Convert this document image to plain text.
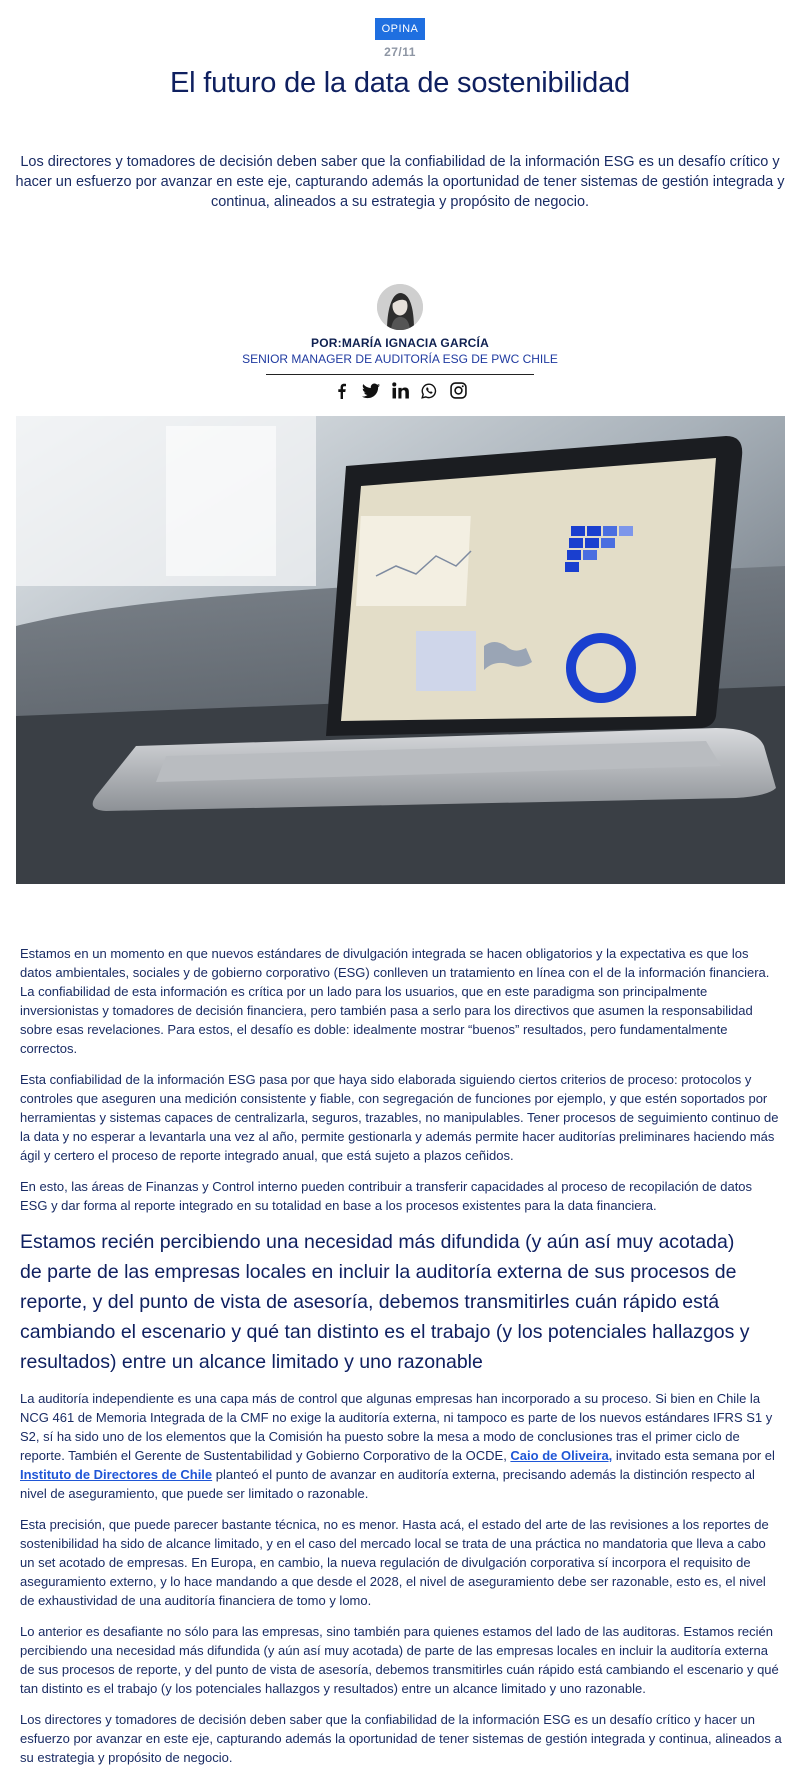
OPINA
27/11
El futuro de la data de sostenibilidad

Los directores y tomadores de decisión deben saber que la confiabilidad de la información ESG es un desafío crítico y hacer un esfuerzo por avanzar en este eje, capturando además la oportunidad de tener sistemas de gestión integrada y continua, alineados a su estrategia y propósito de negocio.

POR:MARÍA IGNACIA GARCÍA
SENIOR MANAGER DE AUDITORÍA ESG DE PWC CHILE

Estamos en un momento en que nuevos estándares de divulgación integrada se hacen obligatorios y la expectativa es que los datos ambientales, sociales y de gobierno corporativo (ESG) conlleven un tratamiento en línea con el de la información financiera. La confiabilidad de esta información es crítica por un lado para los usuarios, que en este paradigma son principalmente inversionistas y tomadores de decisión financiera, pero también pasa a serlo para los directivos que asumen la responsabilidad sobre esas revelaciones. Para estos, el desafío es doble: idealmente mostrar “buenos” resultados, pero fundamentalmente correctos.

Esta confiabilidad de la información ESG pasa por que haya sido elaborada siguiendo ciertos criterios de proceso: protocolos y controles que aseguren una medición consistente y fiable, con segregación de funciones por ejemplo, y que estén soportados por herramientas y sistemas capaces de centralizarla, seguros, trazables, no manipulables. Tener procesos de seguimiento continuo de la data y no esperar a levantarla una vez al año, permite gestionarla y además permite hacer auditorías preliminares haciendo más ágil y certero el proceso de reporte integrado anual, que está sujeto a plazos ceñidos.

En esto, las áreas de Finanzas y Control interno pueden contribuir a transferir capacidades al proceso de recopilación de datos ESG y dar forma al reporte integrado en su totalidad en base a los procesos existentes para la data financiera.

Estamos recién percibiendo una necesidad más difundida (y aún así muy acotada) de parte de las empresas locales en incluir la auditoría externa de sus procesos de reporte, y del punto de vista de asesoría, debemos transmitirles cuán rápido está cambiando el escenario y qué tan distinto es el trabajo (y los potenciales hallazgos y resultados) entre un alcance limitado y uno razonable

La auditoría independiente es una capa más de control que algunas empresas han incorporado a su proceso. Si bien en Chile la NCG 461 de Memoria Integrada de la CMF no exige la auditoría externa, ni tampoco es parte de los nuevos estándares IFRS S1 y S2, sí ha sido uno de los elementos que la Comisión ha puesto sobre la mesa a modo de conclusiones tras el primer ciclo de reporte. También el Gerente de Sustentabilidad y Gobierno Corporativo de la OCDE, Caio de Oliveira, invitado esta semana por el Instituto de Directores de Chile planteó el punto de avanzar en auditoría externa, precisando además la distinción respecto al nivel de aseguramiento, que puede ser limitado o razonable.

Esta precisión, que puede parecer bastante técnica, no es menor. Hasta acá, el estado del arte de las revisiones a los reportes de sostenibilidad ha sido de alcance limitado, y en el caso del mercado local se trata de una práctica no mandatoria que lleva a cabo un set acotado de empresas. En Europa, en cambio, la nueva regulación de divulgación corporativa sí incorpora el requisito de aseguramiento externo, y lo hace mandando a que desde el 2028, el nivel de aseguramiento debe ser razonable, esto es, el nivel de exhaustividad de una auditoría financiera de tomo y lomo.

Lo anterior es desafiante no sólo para las empresas, sino también para quienes estamos del lado de las auditoras. Estamos recién percibiendo una necesidad más difundida (y aún así muy acotada) de parte de las empresas locales en incluir la auditoría externa de sus procesos de reporte, y del punto de vista de asesoría, debemos transmitirles cuán rápido está cambiando el escenario y qué tan distinto es el trabajo (y los potenciales hallazgos y resultados) entre un alcance limitado y uno razonable.

Los directores y tomadores de decisión deben saber que la confiabilidad de la información ESG es un desafío crítico y hacer un esfuerzo por avanzar en este eje, capturando además la oportunidad de tener sistemas de gestión integrada y continua, alineados a su estrategia y propósito de negocio.
